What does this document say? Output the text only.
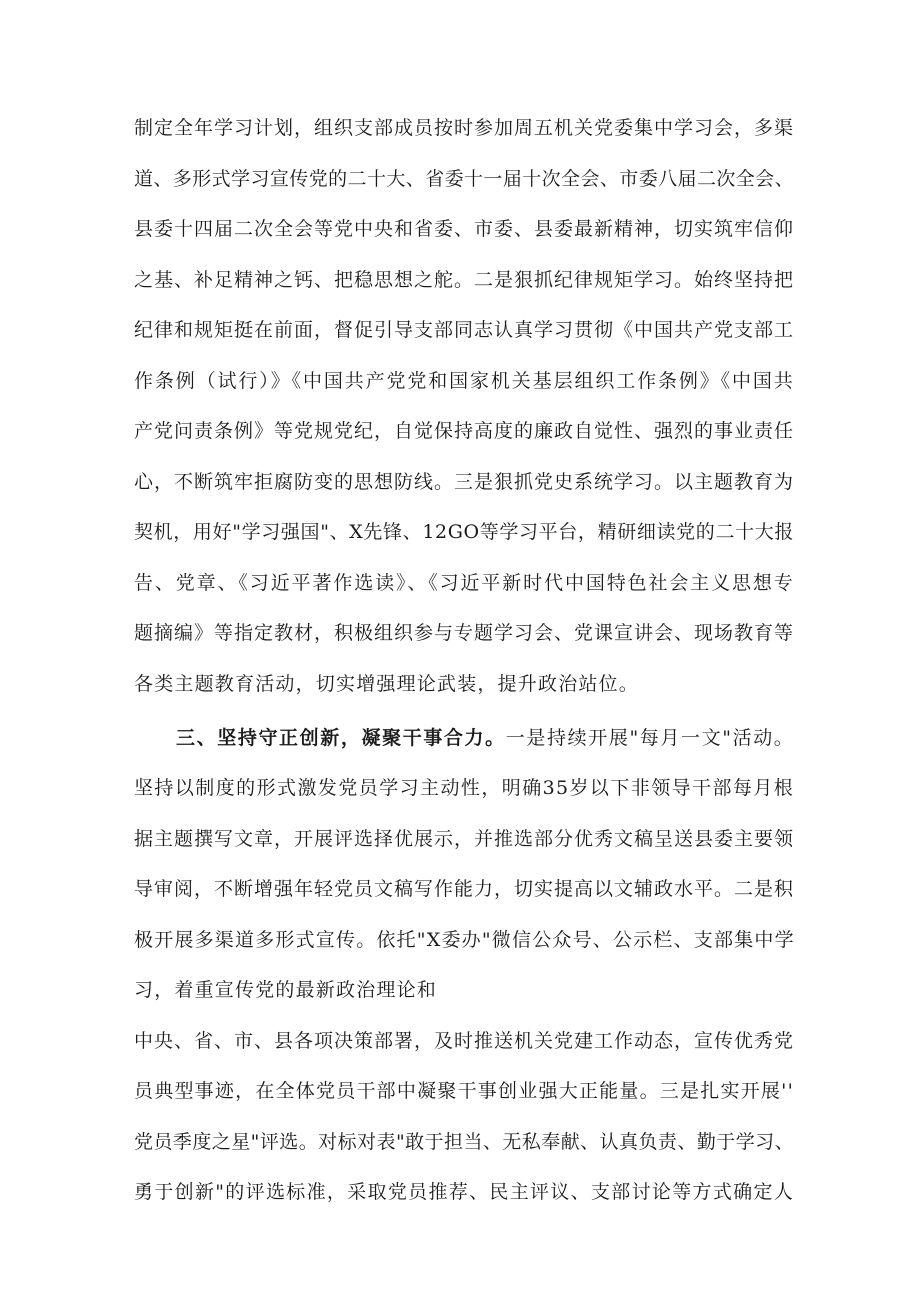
制定全年学习计划，组织支部成员按时参加周五机关党委集中学习会，多渠
道、多形式学习宣传党的二十大、省委十一届十次全会、市委八届二次全会、
县委十四届二次全会等党中央和省委、市委、县委最新精神，切实筑牢信仰
之基、补足精神之钙、把稳思想之舵。二是狠抓纪律规矩学习。始终坚持把
纪律和规矩挺在前面，督促引导支部同志认真学习贯彻《中国共产党支部工
作条例（试行）》《中国共产党党和国家机关基层组织工作条例》《中国共
产党问责条例》等党规党纪，自觉保持高度的廉政自觉性、强烈的事业责任
心，不断筑牢拒腐防变的思想防线。三是狠抓党史系统学习。以主题教育为
契机，用好"学习强国"、X先锋、12GO等学习平台，精研细读党的二十大报
告、党章、《习近平著作选读》、《习近平新时代中国特色社会主义思想专
题摘编》等指定教材，积极组织参与专题学习会、党课宣讲会、现场教育等
各类主题教育活动，切实增强理论武装，提升政治站位。
三、坚持守正创新，凝聚干事合力。一是持续开展"每月一文"活动。
坚持以制度的形式激发党员学习主动性，明确35岁以下非领导干部每月根
据主题撰写文章，开展评选择优展示，并推选部分优秀文稿呈送县委主要领
导审阅，不断增强年轻党员文稿写作能力，切实提高以文辅政水平。二是积
极开展多渠道多形式宣传。依托"X委办"微信公众号、公示栏、支部集中学
习，着重宣传党的最新政治理论和
中央、省、市、县各项决策部署，及时推送机关党建工作动态，宣传优秀党
员典型事迹，在全体党员干部中凝聚干事创业强大正能量。三是扎实开展''
党员季度之星"评选。对标对表"敢于担当、无私奉献、认真负责、勤于学习、
勇于创新"的评选标准，采取党员推荐、民主评议、支部讨论等方式确定人
